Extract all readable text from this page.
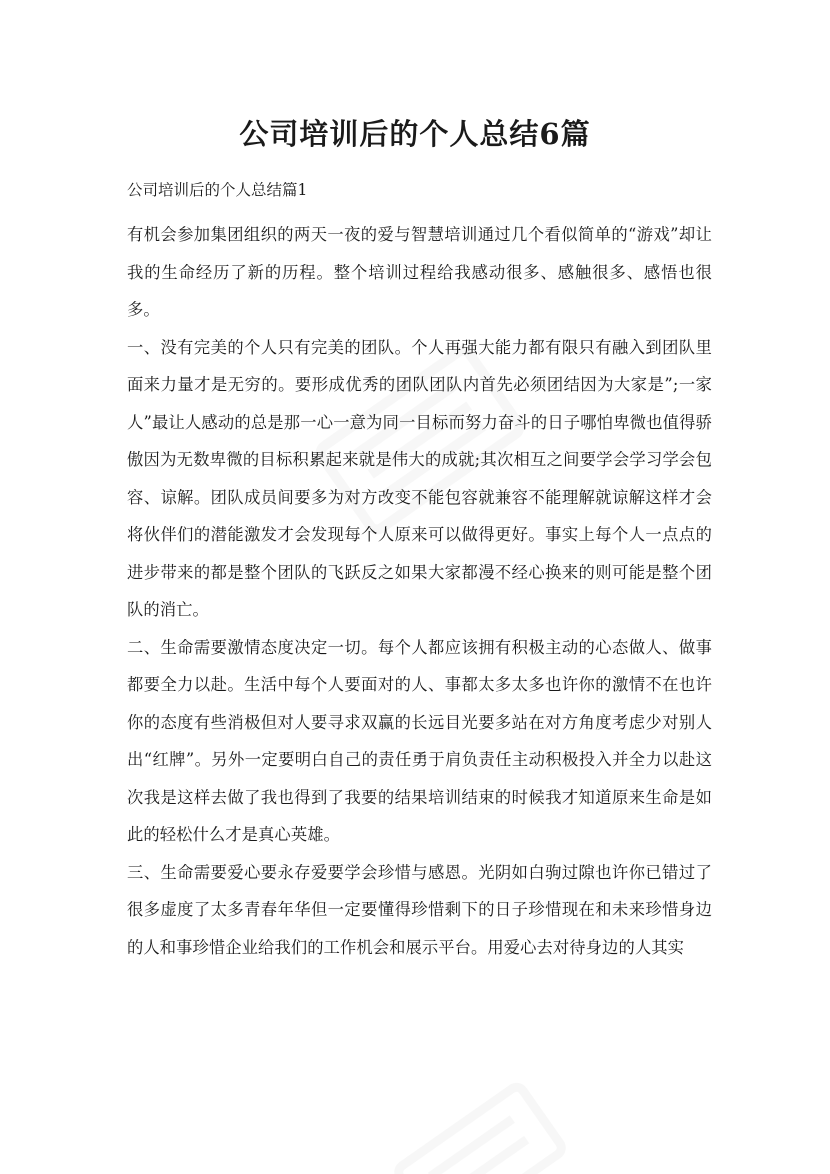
公司培训后的个人总结6篇

公司培训后的个人总结篇1

有机会参加集团组织的两天一夜的爱与智慧培训通过几个看似简单的“游戏”却让我的生命经历了新的历程。整个培训过程给我感动很多、感触很多、感悟也很多。

一、没有完美的个人只有完美的团队。个人再强大能力都有限只有融入到团队里面来力量才是无穷的。要形成优秀的团队团队内首先必须团结因为大家是”;一家人”最让人感动的总是那一心一意为同一目标而努力奋斗的日子哪怕卑微也值得骄傲因为无数卑微的目标积累起来就是伟大的成就;其次相互之间要学会学习学会包容、谅解。团队成员间要多为对方改变不能包容就兼容不能理解就谅解这样才会将伙伴们的潜能激发才会发现每个人原来可以做得更好。事实上每个人一点点的进步带来的都是整个团队的飞跃反之如果大家都漫不经心换来的则可能是整个团队的消亡。

二、生命需要激情态度决定一切。每个人都应该拥有积极主动的心态做人、做事都要全力以赴。生活中每个人要面对的人、事都太多太多也许你的激情不在也许你的态度有些消极但对人要寻求双赢的长远目光要多站在对方角度考虑少对别人出“红牌”。另外一定要明白自己的责任勇于肩负责任主动积极投入并全力以赴这次我是这样去做了我也得到了我要的结果培训结束的时候我才知道原来生命是如此的轻松什么才是真心英雄。

三、生命需要爱心要永存爱要学会珍惜与感恩。光阴如白驹过隙也许你已错过了很多虚度了太多青春年华但一定要懂得珍惜剩下的日子珍惜现在和未来珍惜身边的人和事珍惜企业给我们的工作机会和展示平台。用爱心去对待身边的人其实
